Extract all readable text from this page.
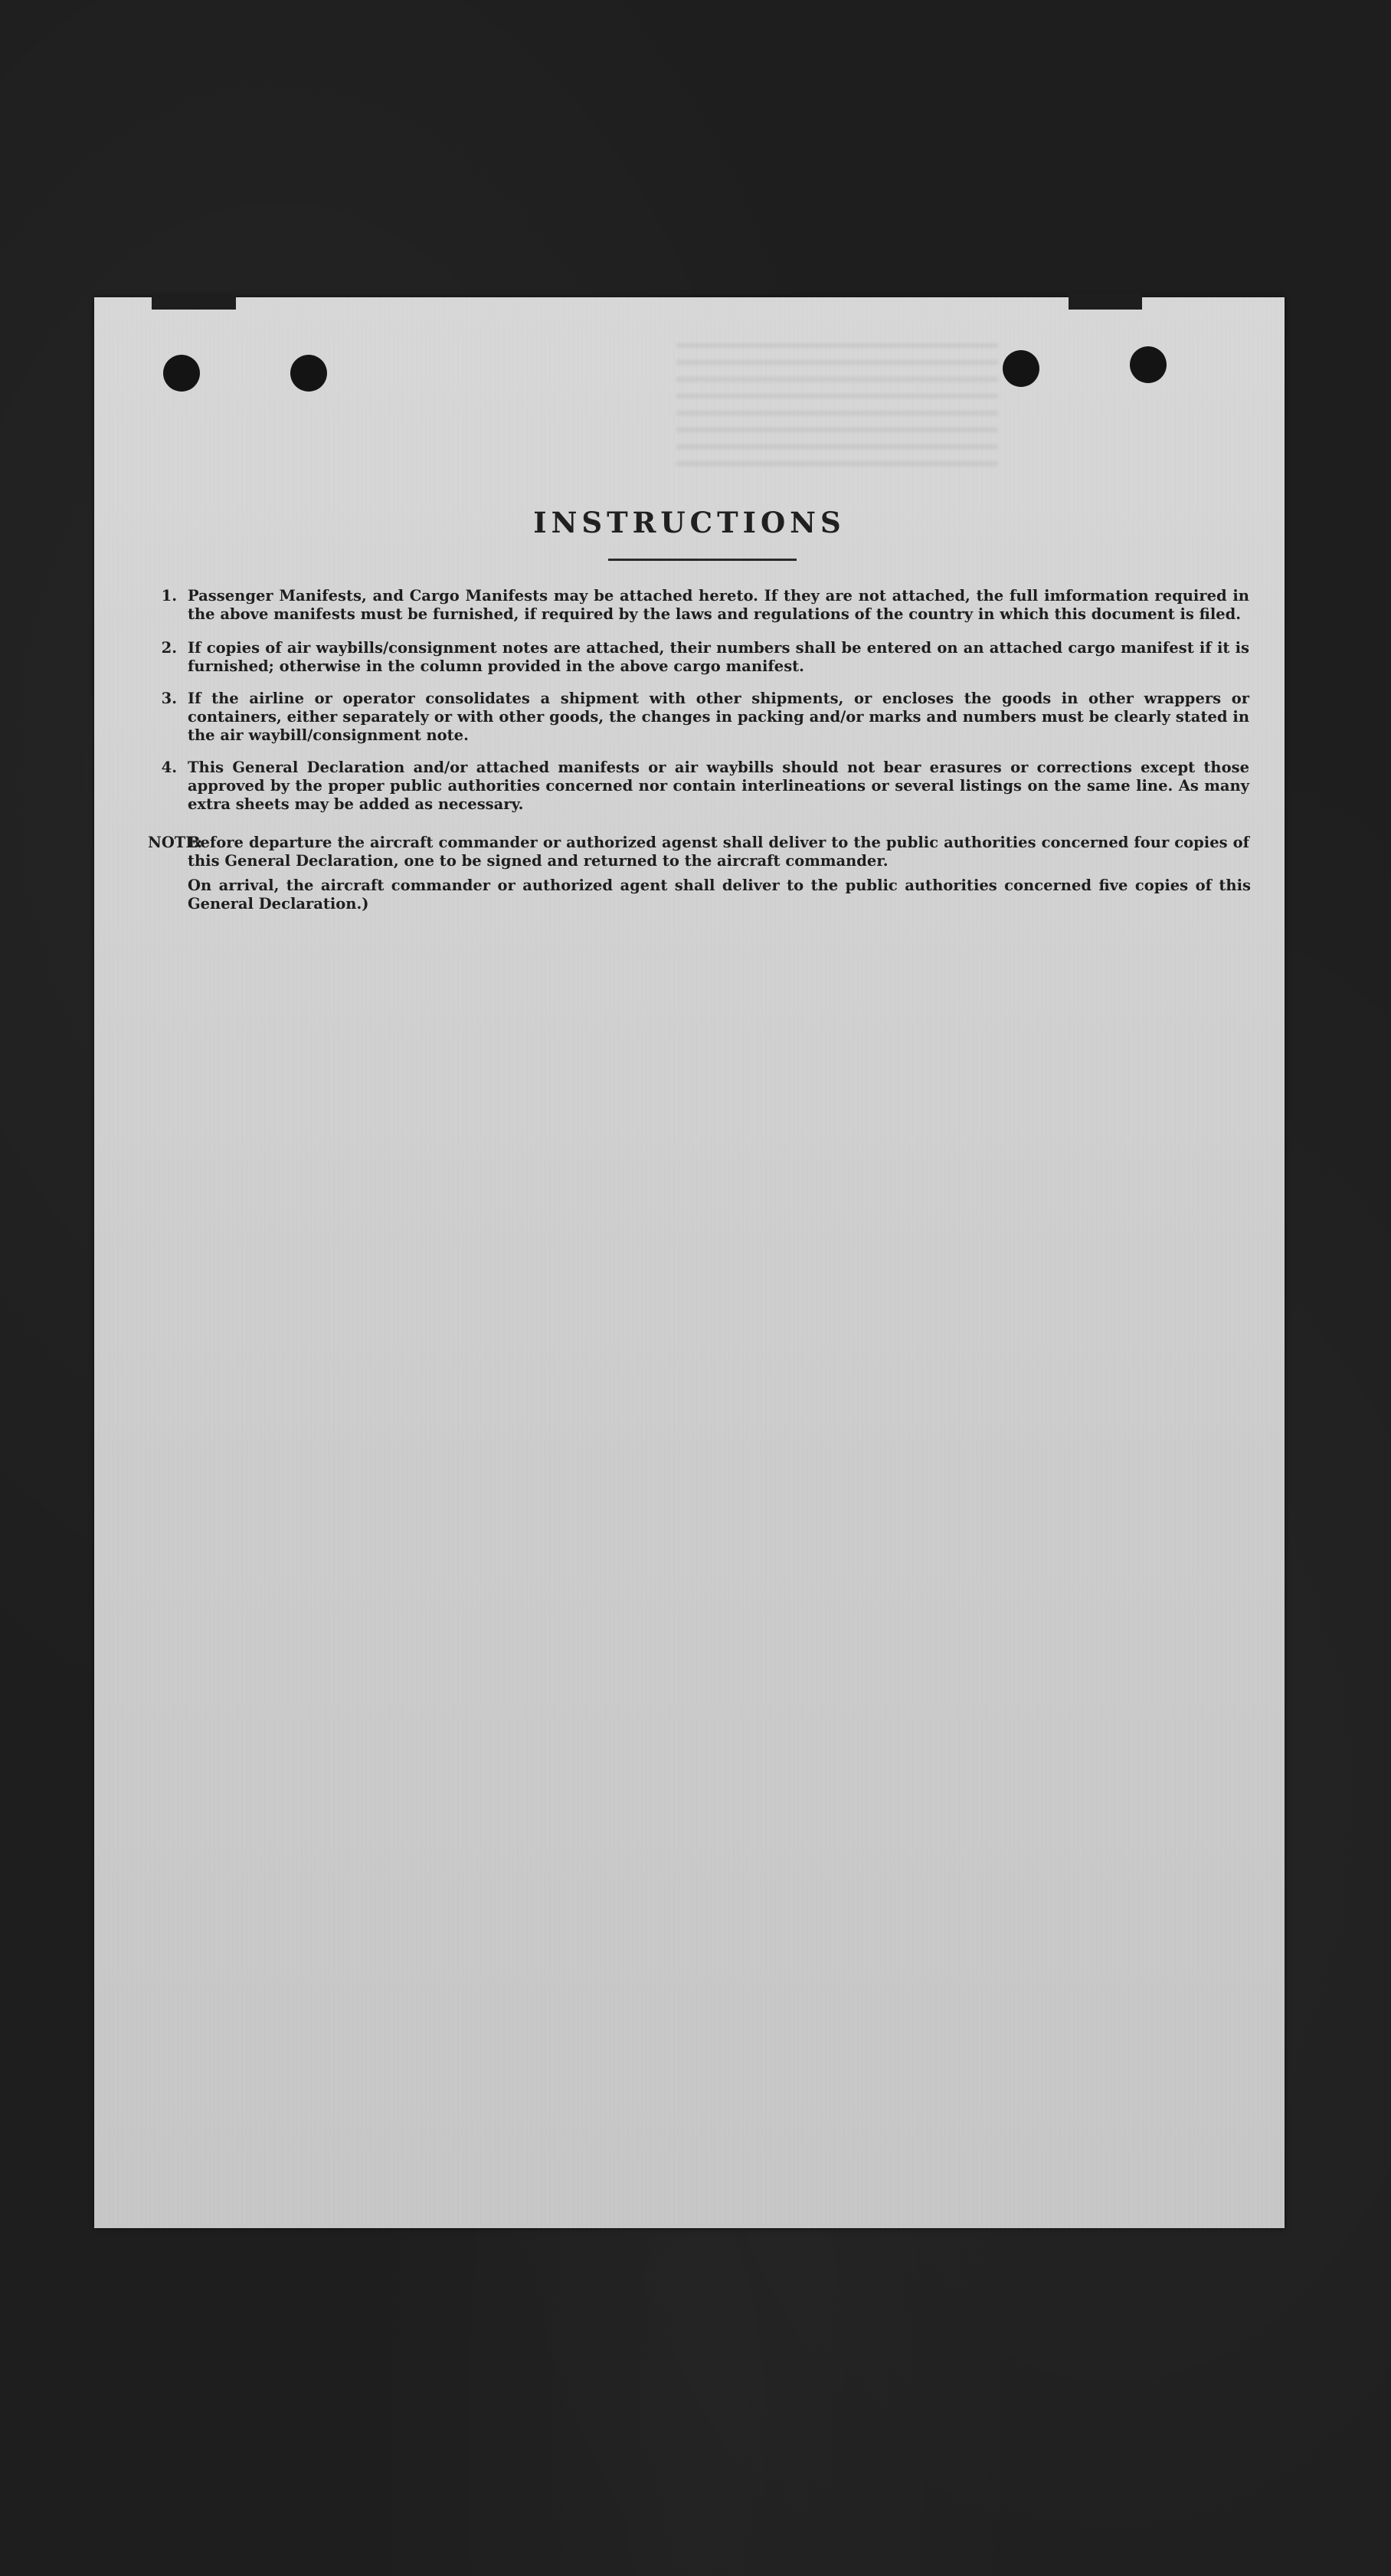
INSTRUCTIONS
1. Passenger Manifests, and Cargo Manifests may be attached hereto. If they are not attached, the full imformation required in the above manifests must be furnished, if required by the laws and regulations of the country in which this document is filed.
2. If copies of air waybills/consignment notes are attached, their numbers shall be entered on an attached cargo manifest if it is furnished; otherwise in the column provided in the above cargo manifest.
3. If the airline or operator consolidates a shipment with other shipments, or encloses the goods in other wrappers or containers, either separately or with other goods, the changes in packing and/or marks and numbers must be clearly stated in the air waybill/consignment note.
4. This General Declaration and/or attached manifests or air waybills should not bear erasures or corrections except those approved by the proper public authorities concerned nor contain interlineations or several listings on the same line. As many extra sheets may be added as necessary.
NOTE:
Before departure the aircraft commander or authorized agenst shall deliver to the public authorities concerned four copies of this General Declaration, one to be signed and returned to the aircraft commander.
On arrival, the aircraft commander or authorized agent shall deliver to the public authorities concerned five copies of this General Declaration.)
